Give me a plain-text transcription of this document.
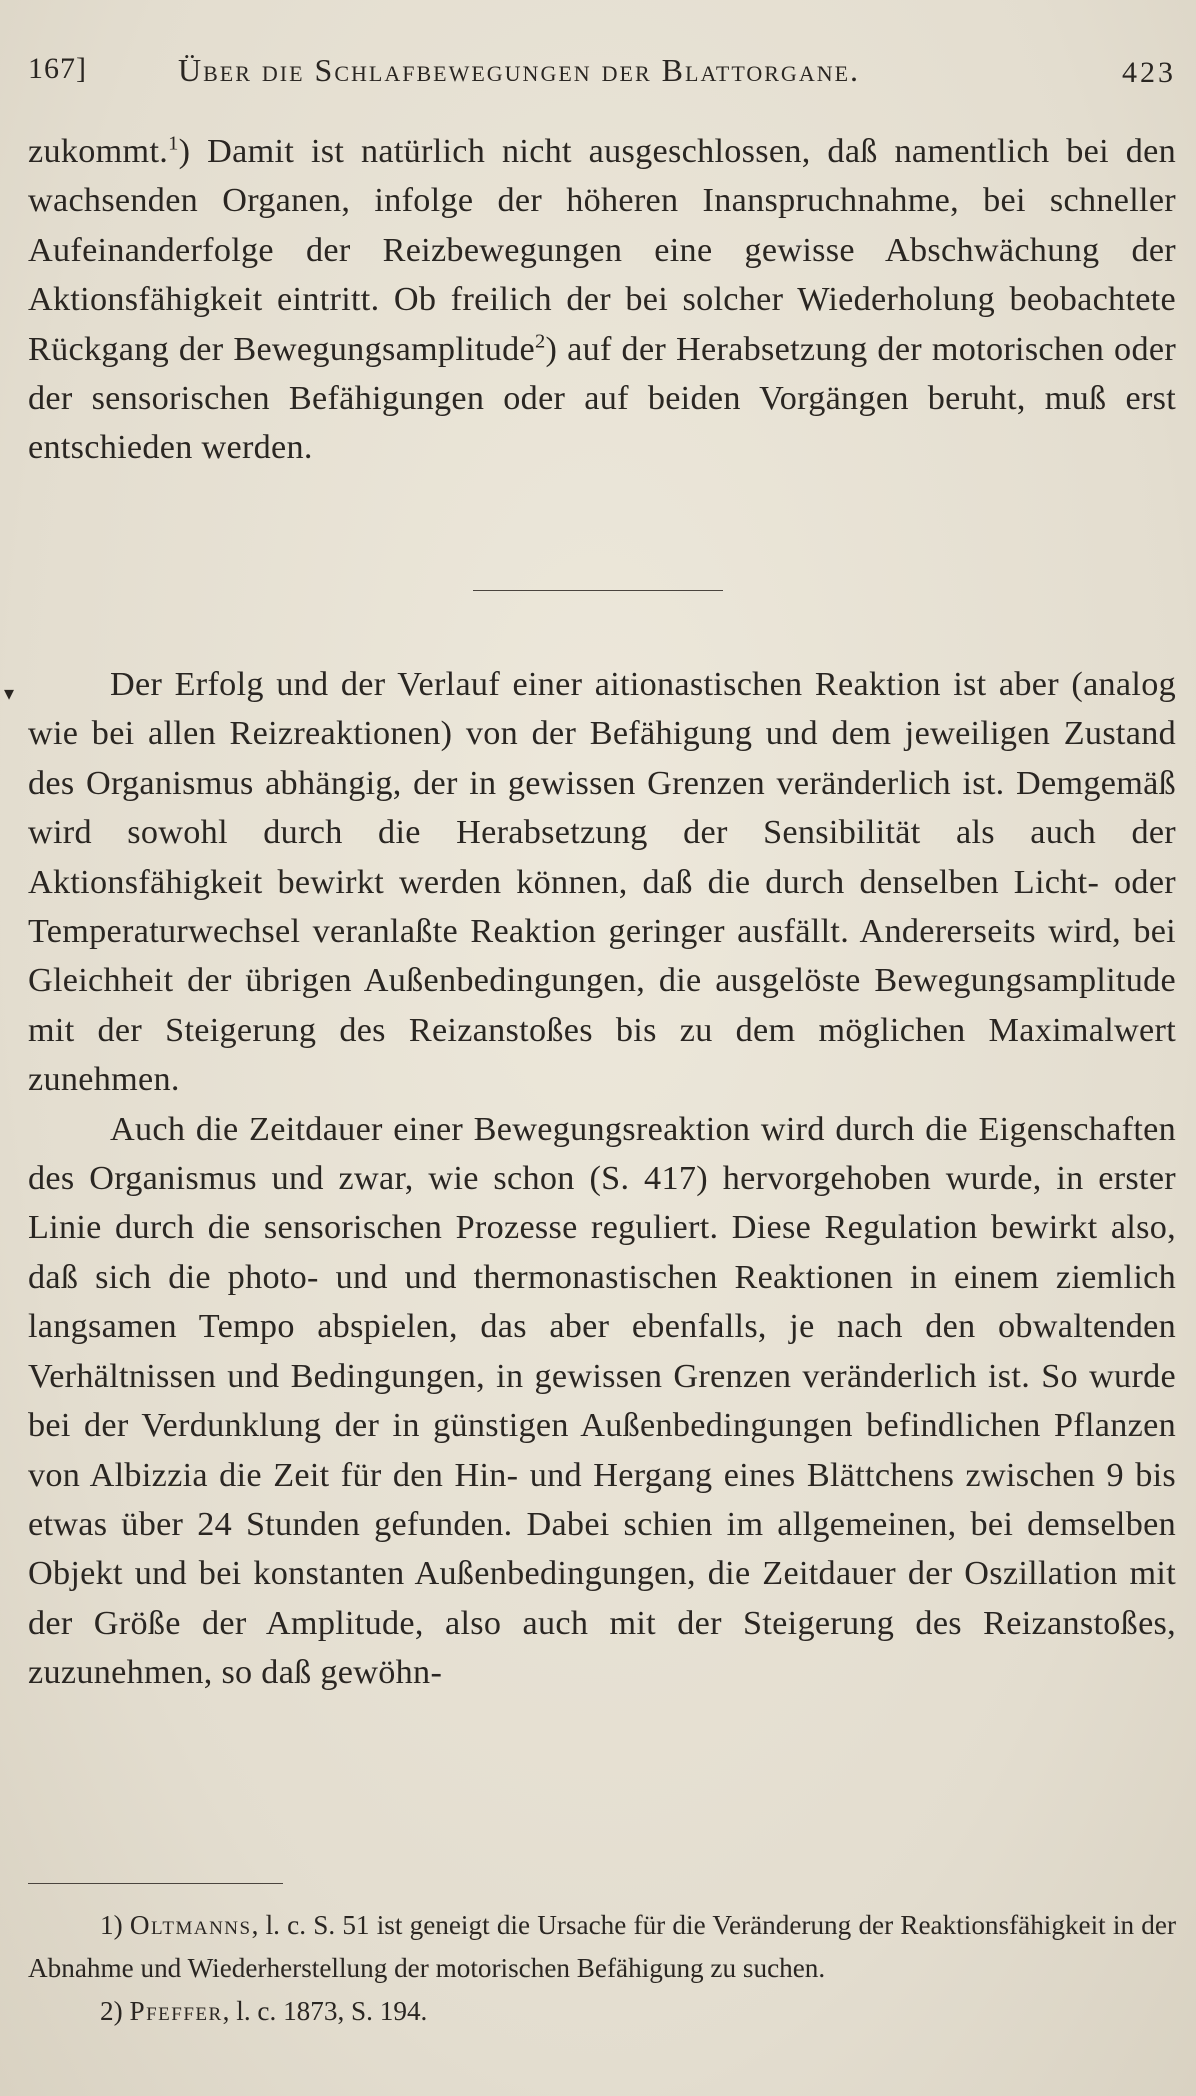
167]	Über die Schlafbewegungen der Blattorgane.	423

zukommt.$^1$) Damit ist natürlich nicht ausgeschlossen, daß namentlich bei den wachsenden Organen, infolge der höheren Inanspruchnahme, bei schneller Aufeinanderfolge der Reizbewegungen eine gewisse Abschwächung der Aktionsfähigkeit eintritt. Ob freilich der bei solcher Wiederholung beobachtete Rückgang der Bewegungsamplitude$^2$) auf der Herabsetzung der motorischen oder der sensorischen Befähigungen oder auf beiden Vorgängen beruht, muß erst entschieden werden.

▾	Der Erfolg und der Verlauf einer aitionastischen Reaktion ist aber (analog wie bei allen Reizreaktionen) von der Befähigung und dem jeweiligen Zustand des Organismus abhängig, der in gewissen Grenzen veränderlich ist. Demgemäß wird sowohl durch die Herabsetzung der Sensibilität als auch der Aktionsfähigkeit bewirkt werden können, daß die durch denselben Licht- oder Temperaturwechsel veranlaßte Reaktion geringer ausfällt. Andererseits wird, bei Gleichheit der übrigen Außenbedingungen, die ausgelöste Bewegungsamplitude mit der Steigerung des Reizanstoßes bis zu dem möglichen Maximalwert zunehmen.

Auch die Zeitdauer einer Bewegungsreaktion wird durch die Eigenschaften des Organismus und zwar, wie schon (S. 417) hervorgehoben wurde, in erster Linie durch die sensorischen Prozesse reguliert. Diese Regulation bewirkt also, daß sich die photo- und und thermonastischen Reaktionen in einem ziemlich langsamen Tempo abspielen, das aber ebenfalls, je nach den obwaltenden Verhältnissen und Bedingungen, in gewissen Grenzen veränderlich ist. So wurde bei der Verdunklung der in günstigen Außenbedingungen befindlichen Pflanzen von Albizzia die Zeit für den Hin- und Hergang eines Blättchens zwischen 9 bis etwas über 24 Stunden gefunden. Dabei schien im allgemeinen, bei demselben Objekt und bei konstanten Außenbedingungen, die Zeitdauer der Oszillation mit der Größe der Amplitude, also auch mit der Steigerung des Reizanstoßes, zuzunehmen, so daß gewöhn-

1) Oltmanns, l. c. S. 51 ist geneigt die Ursache für die Veränderung der Reaktionsfähigkeit in der Abnahme und Wiederherstellung der motorischen Befähigung zu suchen.

2) Pfeffer, l. c. 1873, S. 194.
